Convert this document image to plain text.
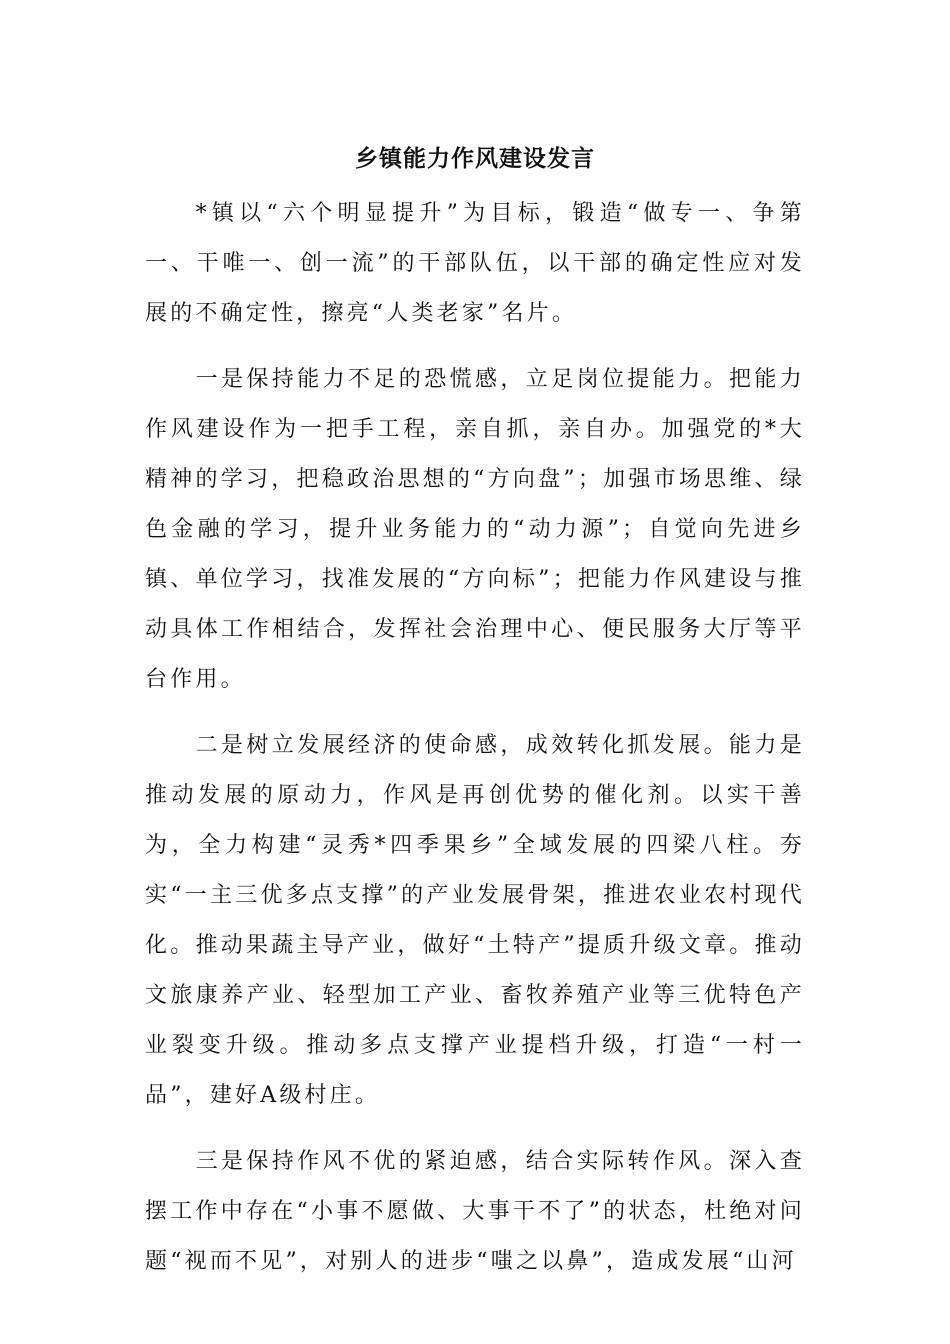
乡镇能力作风建设发言

*镇以“六个明显提升”为目标，锻造“做专一、争第一、干唯一、创一流”的干部队伍，以干部的确定性应对发展的不确定性，擦亮“人类老家”名片。

一是保持能力不足的恐慌感，立足岗位提能力。把能力作风建设作为一把手工程，亲自抓，亲自办。加强党的*大精神的学习，把稳政治思想的“方向盘”；加强市场思维、绿色金融的学习，提升业务能力的“动力源”；自觉向先进乡镇、单位学习，找准发展的“方向标”；把能力作风建设与推动具体工作相结合，发挥社会治理中心、便民服务大厅等平台作用。

二是树立发展经济的使命感，成效转化抓发展。能力是推动发展的原动力，作风是再创优势的催化剂。以实干善为，全力构建“灵秀*四季果乡”全域发展的四梁八柱。夯实“一主三优多点支撑”的产业发展骨架，推进农业农村现代化。推动果蔬主导产业，做好“土特产”提质升级文章。推动文旅康养产业、轻型加工产业、畜牧养殖产业等三优特色产业裂变升级。推动多点支撑产业提档升级，打造“一村一品”，建好A级村庄。

三是保持作风不优的紧迫感，结合实际转作风。深入查摆工作中存在“小事不愿做、大事干不了”的状态，杜绝对问题“视而不见”，对别人的进步“嗤之以鼻”，造成发展“山河
